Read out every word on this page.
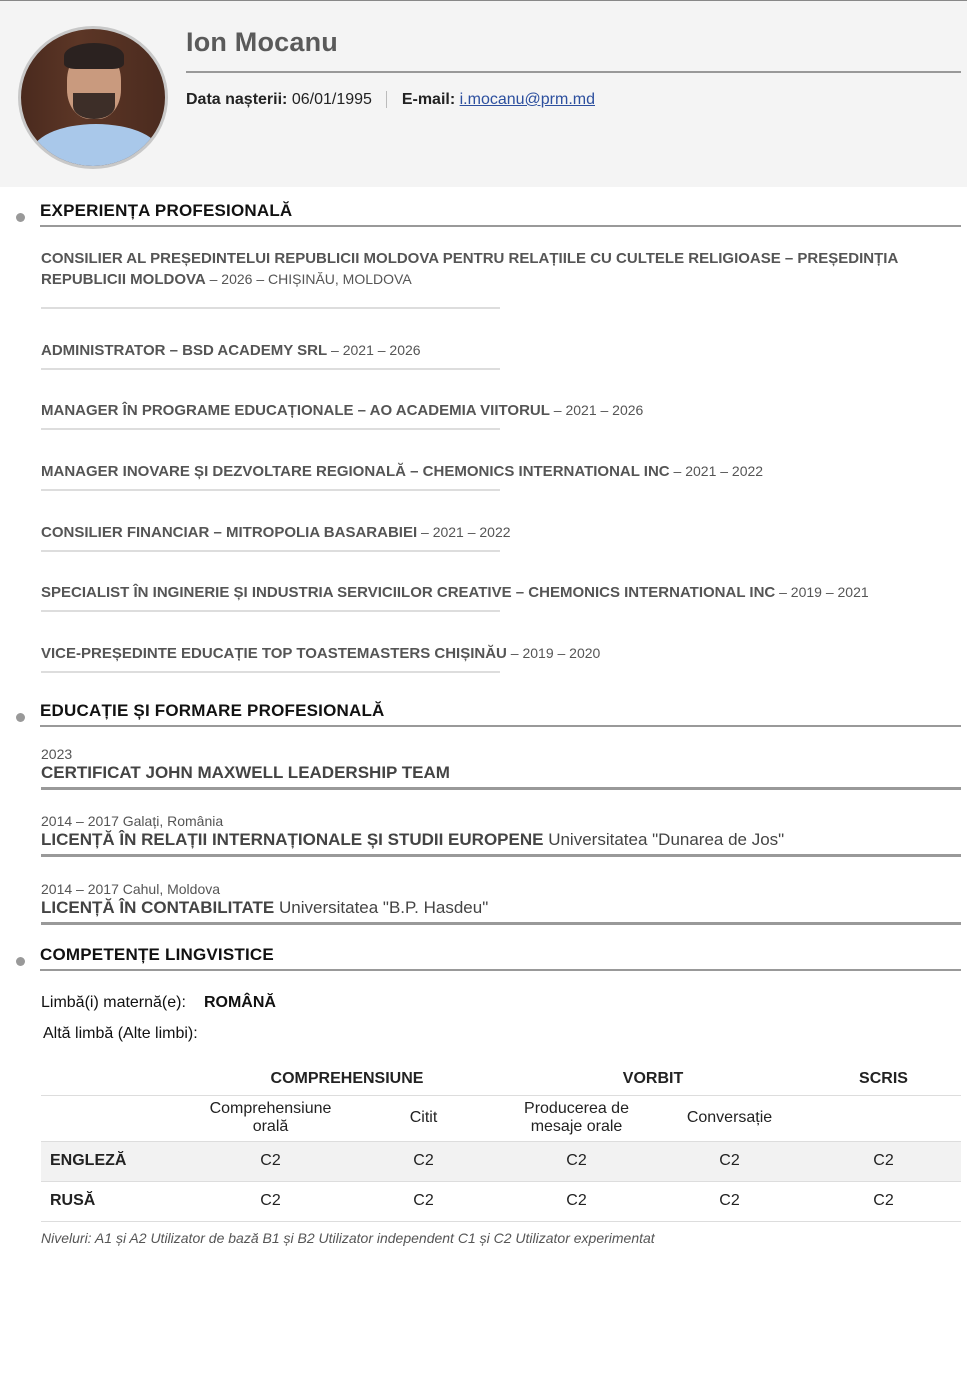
Ion Mocanu
Data nașterii: 06/01/1995 E-mail: i.mocanu@prm.md
EXPERIENȚA PROFESIONALĂ
CONSILIER AL PREȘEDINTELUI REPUBLICII MOLDOVA PENTRU RELAȚIILE CU CULTELE RELIGIOASE – PREȘEDINȚIA REPUBLICII MOLDOVA – 2026 – CHIȘINĂU, MOLDOVA
ADMINISTRATOR – BSD ACADEMY SRL – 2021 – 2026
MANAGER ÎN PROGRAME EDUCAȚIONALE – AO ACADEMIA VIITORUL – 2021 – 2026
MANAGER INOVARE ȘI DEZVOLTARE REGIONALĂ – CHEMONICS INTERNATIONAL INC – 2021 – 2022
CONSILIER FINANCIAR – MITROPOLIA BASARABIEI – 2021 – 2022
SPECIALIST ÎN INGINERIE ȘI INDUSTRIA SERVICIILOR CREATIVE – CHEMONICS INTERNATIONAL INC – 2019 – 2021
VICE-PREȘEDINTE EDUCAȚIE TOP TOASTEMASTERS CHIȘINĂU – 2019 – 2020
EDUCAȚIE ȘI FORMARE PROFESIONALĂ
2023
CERTIFICAT JOHN MAXWELL LEADERSHIP TEAM
2014 – 2017 Galați, România
LICENȚĂ ÎN RELAȚII INTERNAȚIONALE ȘI STUDII EUROPENE Universitatea "Dunarea de Jos"
2014 – 2017 Cahul, Moldova
LICENȚĂ ÎN CONTABILITATE Universitatea "B.P. Hasdeu"
COMPETENȚE LINGVISTICE
Limbă(i) maternă(e): ROMÂNĂ
Altă limbă (Alte limbi):
	COMPREHENSIUNE		VORBIT		SCRIS
	Comprehensiune orală	Citit	Producerea de mesaje orale	Conversație	
ENGLEZĂ	C2	C2	C2	C2	C2
RUSĂ	C2	C2	C2	C2	C2
Niveluri: A1 și A2 Utilizator de bază B1 și B2 Utilizator independent C1 și C2 Utilizator experimentat
